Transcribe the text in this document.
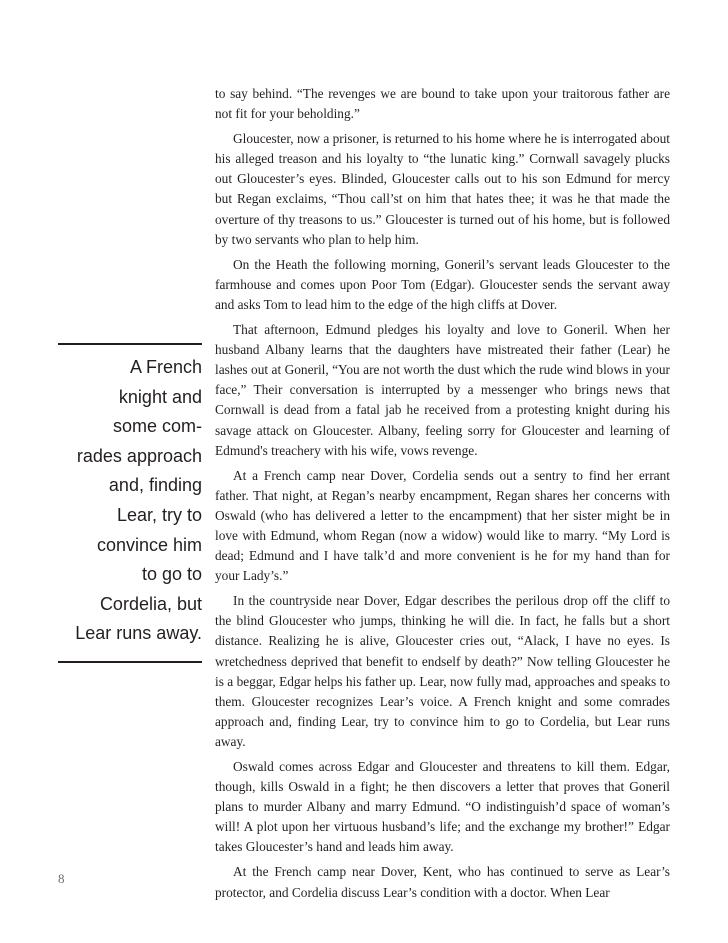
A French
knight and
some com-
rades approach
and, finding
Lear, try to
convince him
to go to
Cordelia, but
Lear runs away.

to say behind. “The revenges we are bound to take upon your traitorous father are not fit for your beholding.”

Gloucester, now a prisoner, is returned to his home where he is interrogated about his alleged treason and his loyalty to “the lunatic king.” Cornwall savagely plucks out Gloucester’s eyes. Blinded, Gloucester calls out to his son Edmund for mercy but Regan exclaims, “Thou call’st on him that hates thee; it was he that made the overture of thy treasons to us.” Gloucester is turned out of his home, but is followed by two servants who plan to help him.

On the Heath the following morning, Goneril’s servant leads Gloucester to the farmhouse and comes upon Poor Tom (Edgar). Gloucester sends the servant away and asks Tom to lead him to the edge of the high cliffs at Dover.

That afternoon, Edmund pledges his loyalty and love to Goneril. When her husband Albany learns that the daughters have mistreated their father (Lear) he lashes out at Goneril, “You are not worth the dust which the rude wind blows in your face,” Their conversation is interrupted by a messenger who brings news that Cornwall is dead from a fatal jab he received from a protesting knight during his savage attack on Gloucester. Albany, feeling sorry for Gloucester and learning of Edmund's treachery with his wife, vows revenge.

At a French camp near Dover, Cordelia sends out a sentry to find her errant father. That night, at Regan’s nearby encampment, Regan shares her concerns with Oswald (who has delivered a letter to the encampment) that her sister might be in love with Edmund, whom Regan (now a widow) would like to marry. “My Lord is dead; Edmund and I have talk’d and more convenient is he for my hand than for your Lady’s.”

In the countryside near Dover, Edgar describes the perilous drop off the cliff to the blind Gloucester who jumps, thinking he will die. In fact, he falls but a short distance. Realizing he is alive, Gloucester cries out, “Alack, I have no eyes. Is wretchedness deprived that benefit to endself by death?” Now telling Gloucester he is a beggar, Edgar helps his father up. Lear, now fully mad, approaches and speaks to them. Gloucester recognizes Lear’s voice. A French knight and some comrades approach and, finding Lear, try to convince him to go to Cordelia, but Lear runs away.

Oswald comes across Edgar and Gloucester and threatens to kill them. Edgar, though, kills Oswald in a fight; he then discovers a letter that proves that Goneril plans to murder Albany and marry Edmund. “O indistinguish’d space of woman’s will! A plot upon her virtuous husband’s life; and the exchange my brother!” Edgar takes Gloucester’s hand and leads him away.

At the French camp near Dover, Kent, who has continued to serve as Lear’s protector, and Cordelia discuss Lear’s condition with a doctor. When Lear

8
